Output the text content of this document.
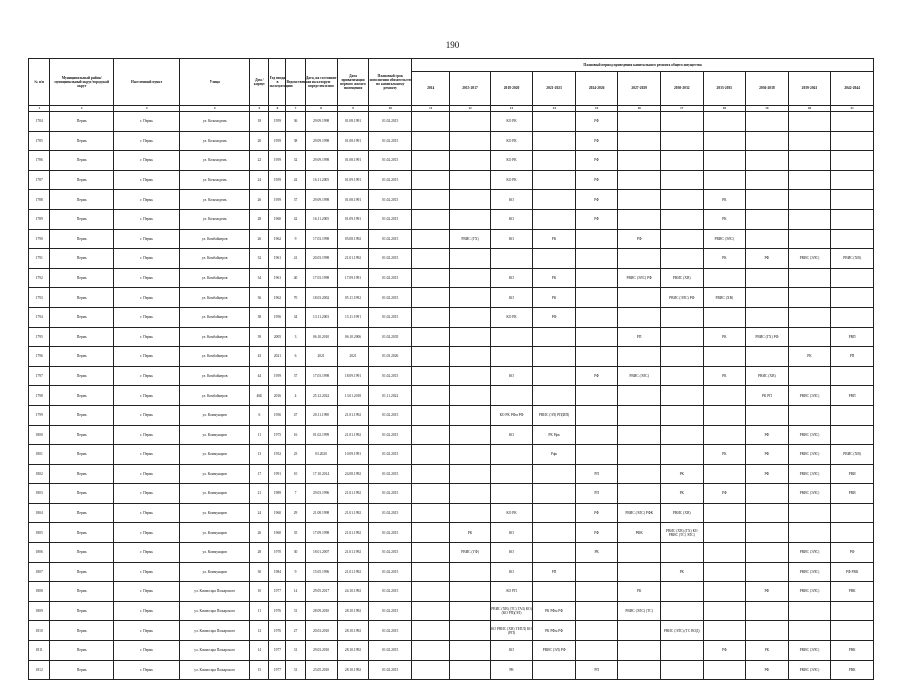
190
№ п/п	Муниципальный район/ муниципальный округ/городской округ	Населенный пункт	Улица	Дом / корпус	Год ввода в эксплуатацию	Ведомственная	Дата, на состояние на которую определен износ	Дата приватизации первого жилого помещения	Плановый срок исполнения обязательств по капитальному ремонту	Плановый период проведения капитального ремонта общего имущества										
										2014	2015-2017	2018-2020	2021-2023	2024-2026	2027-2029	2030-2032	2033-2035	2036-2038	2039-2041	2042-2044
1	2	3	4	5	6	7	8	9	10	11	12	13	14	15	16	17	18	19	20	21
1784	Пермь	г. Пермь	ул. Козьмодемь	18	1959	36	29.09.1998	01.08.1991	01.02.2015			КО РК		РФ						
1785	Пермь	г. Пермь	ул. Козьмодемь	20	1959	38	29.09.1998	01.08.1991	01.02.2015			КО РК		РФ						
1786	Пермь	г. Пермь	ул. Козьмодемь	22	1959	32	29.09.1998	01.08.1991	01.02.2015			КО РК		РФ						
1787	Пермь	г. Пермь	ул. Козьмодемь	24	1959	42	16.11.2005	01.09.1991	01.02.2015			КО РК		РФ						
1788	Пермь	г. Пермь	ул. Козьмодемь	26	1959	37	29.09.1998	01.08.1991	01.02.2015			КО		РФ			РК			
1789	Пермь	г. Пермь	ул. Козьмодемь	28	1960	42	16.11.2005	01.09.1991	01.02.2015			КО		РФ			РК			
1790	Пермь	г. Пермь	ул. Комбайнеров	26	1962	9	17.03.1998	05.08.1992	01.02.2015		РВИС (ГХ)	КО	РК		РФ		РВИС (ЭЛС)			
1791	Пермь	г. Пермь	ул. Комбайнеров	32	1961	41	20.03.1998	21.01.1992	01.02.2015								РК	РФ	РВИС (ЭЛС)	РВИС (ХВ)
1792	Пермь	г. Пермь	ул. Комбайнеров	34	1961	40	17.03.1998	17.09.1991	01.02.2015			КО	РК		РВИС (ЭЛС) РФ	РВИС (ХВ)				
1793	Пермь	г. Пермь	ул. Комбайнеров	36	1962	70	18.03.2002	05.11.1992	01.02.2015			КО	РК			РВИС (ЭЛС) РФ	РВИС (ХВ)			
1794	Пермь	г. Пермь	ул. Комбайнеров	38	1956	34	13.11.2003	13.11.1991	01.02.2015			КО РК	РФ							
1795	Пермь	г. Пермь	ул. Комбайнеров	39	2005	3	06.10.2010	06.10.2006	01.02.2035						РП		РК	РВИС (ГХ) РФ		РВП
1796	Пермь	г. Пермь	ул. Комбайнеров	43	2021	6	2021	2021	01.03.2026										РК	РП
1797	Пермь	г. Пермь	ул. Комбайнеров	44	1959	37	17.03.1998	18.09.1991	01.02.2015			КО		РФ	РВИС (ЭЛС)		РК	РВИС (ХВ)		
1798	Пермь	г. Пермь	ул. Комбайнеров	46Б	2016	4	25.12.2022	13.01.2018	01.11.2022									РК РП	РВИС (ЭЛС)	РВП
1799	Пермь	г. Пермь	ул. Коммунаров	6	1956	47	20.11.1990	21.01.1992	01.02.2015			КО РК РФм РФ	РВИС (ЭЛ) РП(ИП)							
1800	Пермь	г. Пермь	ул. Коммунаров	11	1975	16	01.02.1999	21.01.1992	01.02.2015			КО	РК Рфк					РФ	РВИС (ЭЛС)	
1801	Пермь	г. Пермь	ул. Коммунаров	13	1952	25	03.2020	10.09.1991	01.02.2015				Рфк				РК	РФ	РВИС (ЭЛС)	РВИС (ХВ)
1802	Пермь	г. Пермь	ул. Коммунаров	17	1991	10	17.10.2014	24.08.1992	01.02.2015					РП		РК		РФ	РВИС (ЭЛС)	РВИ
1803	Пермь	г. Пермь	ул. Коммунаров	21	1989	7	29.03.1996	21.01.1992	01.02.2015					РП		РК	РФ		РВИС (ЭЛС)	РВИ
1804	Пермь	г. Пермь	ул. Коммунаров	24	1960	29	21.08.1998	21.01.1992	01.02.2015			КО РК		РФ	РВИС (ЭЛС) РФК	РВИС (ХВ)				
1805	Пермь	г. Пермь	ул. Коммунаров	26	1960	35	17.09.1998	21.01.1992	01.02.2015		РК	КО		РФ	РФК	РВИС (ХВ) (ГХ) КО РВИС (ТС) ЭЛС)				
1806	Пермь	г. Пермь	ул. Коммунаров	28	1970	30	18.01.2007	21.01.1992	01.02.2015		РВИС (ГФ)	КО		РК					РВИС (ЭЛС)	РФ
1807	Пермь	г. Пермь	ул. Коммунаров	30	1984	9	15.05.1996	21.01.1992	01.02.2015			КО	РП			РК			РВИС (ЭЛС)	РФ РВК
1808	Пермь	г. Пермь	ул. Комиссара Пожарского	10	1977	14	29.05.2017	24.10.1992	01.02.2015			КО РП			РК			РФ	РВИС (ЭЛС)	РВК
1809	Пермь	г. Пермь	ул. Комиссара Пожарского	11	1976	31	28.09.2010	28.10.1992	01.02.2015			РВИС (ХВ) (ТС) ГАЗ) КО) (КО РП)(ЭЛ)	РК РФм РФ		РВИС (ЭЛС) (ТС)					
1810	Пермь	г. Пермь	ул. Комиссара Пожарского	12	1976	27	20.03.2010	28.10.1992	01.02.2015			КО РВИС (ХВ) ТЕПЛ) КО (РП)	РК РФм РФ			РВИС (ЭЛС) (ТС ВОД)				
1811	Пермь	г. Пермь	ул. Комиссара Пожарского	14	1977	31	29.03.2010	28.10.1992	01.02.2015			КО	РВИС (ЭЛ) РФ				РФ	РК	РВИС (ЭЛС)	РВК
1812	Пермь	г. Пермь	ул. Комиссара Пожарского	15	1977	31	23.05.2010	28.10.1992	01.02.2015			РК		РП				РФ	РВИС (ЭЛС)	РВК
